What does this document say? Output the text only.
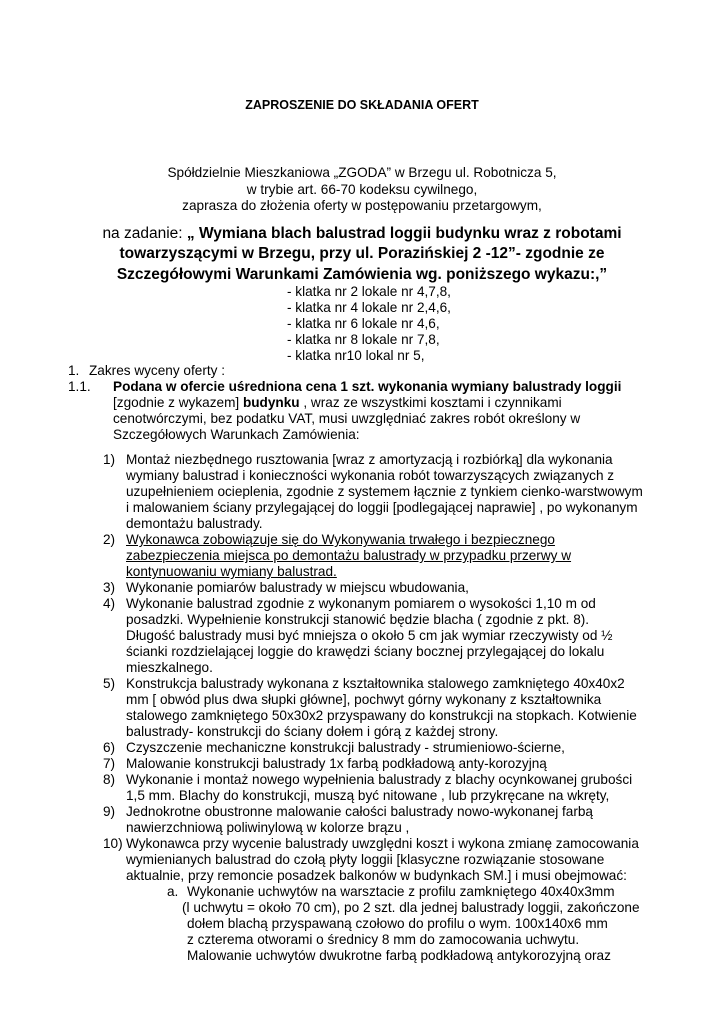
ZAPROSZENIE DO SKŁADANIA OFERT
Spółdzielnie Mieszkaniowa „ZGODA” w Brzegu ul. Robotnicza 5,
w trybie art. 66-70 kodeksu cywilnego,
zaprasza do złożenia oferty w postępowaniu przetargowym,
na zadanie: „ Wymiana blach balustrad loggii budynku wraz z robotami
towarzyszącymi w Brzegu, przy ul. Porazińskiej 2 -12”- zgodnie ze
Szczegółowymi Warunkami Zamówienia wg. poniższego wykazu:,”
- klatka nr 2 lokale nr 4,7,8,
- klatka nr 4 lokale nr 2,4,6,
- klatka nr 6 lokale nr 4,6,
- klatka nr 8 lokale nr 7,8,
- klatka nr10 lokal nr 5,
1. Zakres wyceny oferty :
1.1. Podana w ofercie uśredniona cena 1 szt. wykonania wymiany balustrady loggii
[zgodnie z wykazem] budynku , wraz ze wszystkimi kosztami i czynnikami
cenotwórczymi, bez podatku VAT, musi uwzględniać zakres robót określony w
Szczegółowych Warunkach Zamówienia:
1) Montaż niezbędnego rusztowania [wraz z amortyzacją i rozbiórką] dla wykonania
wymiany balustrad i konieczności wykonania robót towarzyszących związanych z
uzupełnieniem ocieplenia, zgodnie z systemem łącznie z tynkiem cienko-warstwowym
i malowaniem ściany przylegającej do loggii [podlegającej naprawie] , po wykonanym
demontażu balustrady.
2) Wykonawca zobowiązuje się do Wykonywania trwałego i bezpiecznego
zabezpieczenia miejsca po demontażu balustrady w przypadku przerwy w
kontynuowaniu wymiany balustrad.
3) Wykonanie pomiarów balustrady w miejscu wbudowania,
4) Wykonanie balustrad zgodnie z wykonanym pomiarem o wysokości 1,10 m od
posadzki. Wypełnienie konstrukcji stanowić będzie blacha ( zgodnie z pkt. 8).
Długość balustrady musi być mniejsza o około 5 cm jak wymiar rzeczywisty od ½
ścianki rozdzielającej loggie do krawędzi ściany bocznej przylegającej do lokalu
mieszkalnego.
5) Konstrukcja balustrady wykonana z kształtownika stalowego zamkniętego 40x40x2
mm [ obwód plus dwa słupki główne], pochwyt górny wykonany z kształtownika
stalowego zamkniętego 50x30x2 przyspawany do konstrukcji na stopkach. Kotwienie
balustrady- konstrukcji do ściany dołem i górą z każdej strony.
6) Czyszczenie mechaniczne konstrukcji balustrady - strumieniowo-ścierne,
7) Malowanie konstrukcji balustrady 1x farbą podkładową anty-korozyjną
8) Wykonanie i montaż nowego wypełnienia balustrady z blachy ocynkowanej grubości
1,5 mm. Blachy do konstrukcji, muszą być nitowane , lub przykręcane na wkręty,
9) Jednokrotne obustronne malowanie całości balustrady nowo-wykonanej farbą
nawierzchniową poliwinylową w kolorze brązu ,
10) Wykonawca przy wycenie balustrady uwzględni koszt i wykona zmianę zamocowania
wymienianych balustrad do czołą płyty loggii [klasyczne rozwiązanie stosowane
aktualnie, przy remoncie posadzek balkonów w budynkach SM.] i musi obejmować:
a. Wykonanie uchwytów na warsztacie z profilu zamkniętego 40x40x3mm
(l uchwytu = około 70 cm), po 2 szt. dla jednej balustrady loggii, zakończone
dołem blachą przyspawaną czołowo do profilu o wym. 100x140x6 mm
z czterema otworami o średnicy 8 mm do zamocowania uchwytu.
Malowanie uchwytów dwukrotne farbą podkładową antykorozyjną oraz
